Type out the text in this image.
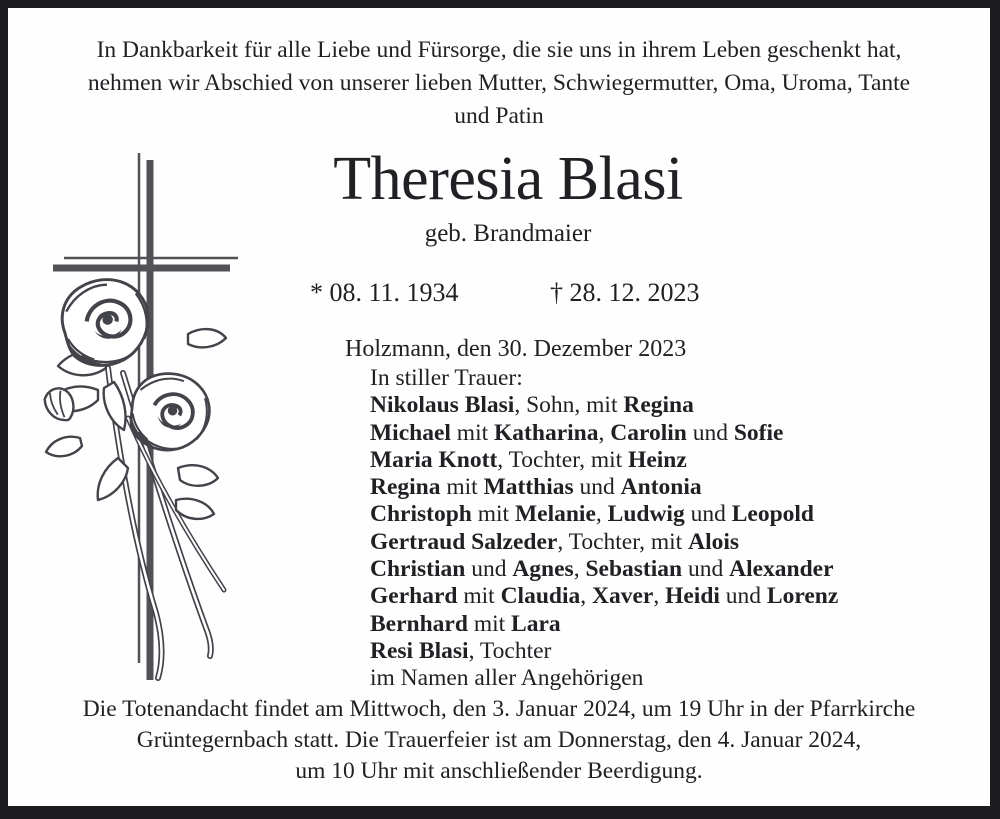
In Dankbarkeit für alle Liebe und Fürsorge, die sie uns in ihrem Leben geschenkt hat,
nehmen wir Abschied von unserer lieben Mutter, Schwiegermutter, Oma, Uroma, Tante
und Patin
Theresia Blasi
geb. Brandmaier
* 08. 11. 1934	† 28. 12. 2023
Holzmann, den 30. Dezember 2023
In stiller Trauer:
Nikolaus Blasi, Sohn, mit Regina
Michael mit Katharina, Carolin und Sofie
Maria Knott, Tochter, mit Heinz
Regina mit Matthias und Antonia
Christoph mit Melanie, Ludwig und Leopold
Gertraud Salzeder, Tochter, mit Alois
Christian und Agnes, Sebastian und Alexander
Gerhard mit Claudia, Xaver, Heidi und Lorenz
Bernhard mit Lara
Resi Blasi, Tochter
im Namen aller Angehörigen
Die Totenandacht findet am Mittwoch, den 3. Januar 2024, um 19 Uhr in der Pfarrkirche
Grüntegernbach statt. Die Trauerfeier ist am Donnerstag, den 4. Januar 2024,
um 10 Uhr mit anschließender Beerdigung.
